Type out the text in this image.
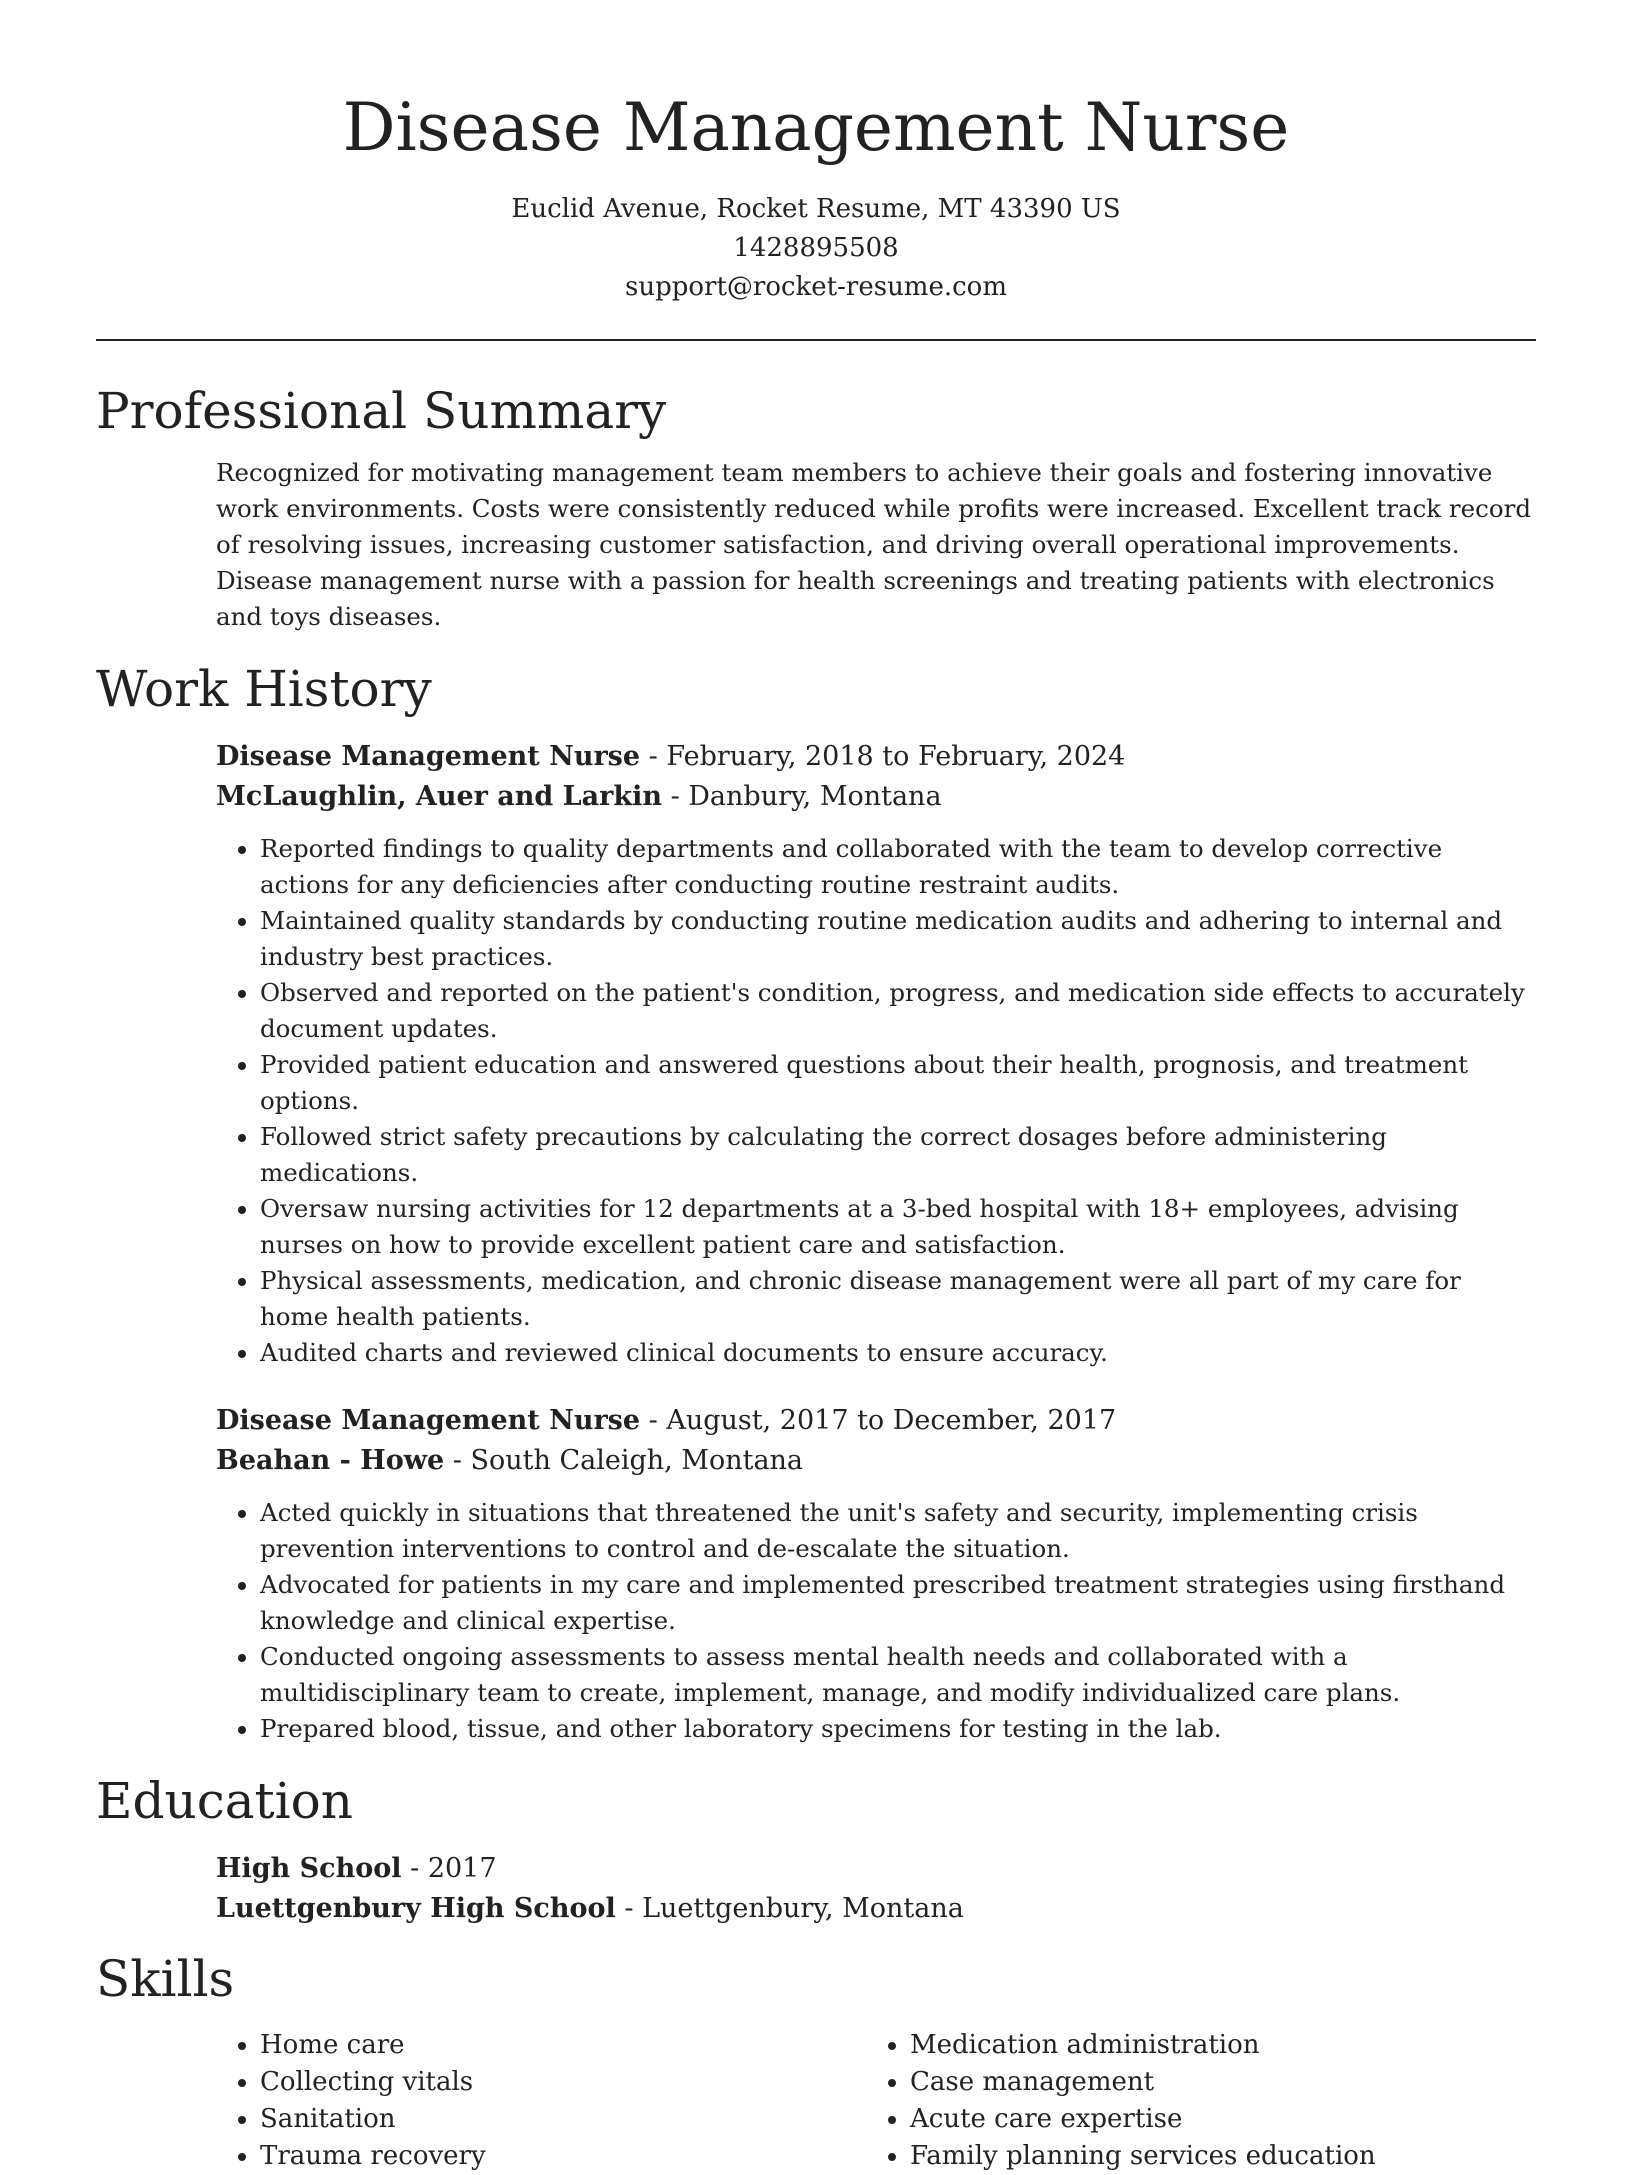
Disease Management Nurse
Euclid Avenue, Rocket Resume, MT 43390 US
1428895508
support@rocket-resume.com
Professional Summary
Recognized for motivating management team members to achieve their goals and fostering innovative work environments. Costs were consistently reduced while profits were increased. Excellent track record of resolving issues, increasing customer satisfaction, and driving overall operational improvements. Disease management nurse with a passion for health screenings and treating patients with electronics and toys diseases.
Work History
Disease Management Nurse - February, 2018 to February, 2024
McLaughlin, Auer and Larkin - Danbury, Montana
• Reported findings to quality departments and collaborated with the team to develop corrective actions for any deficiencies after conducting routine restraint audits.
• Maintained quality standards by conducting routine medication audits and adhering to internal and industry best practices.
• Observed and reported on the patient's condition, progress, and medication side effects to accurately document updates.
• Provided patient education and answered questions about their health, prognosis, and treatment options.
• Followed strict safety precautions by calculating the correct dosages before administering medications.
• Oversaw nursing activities for 12 departments at a 3-bed hospital with 18+ employees, advising nurses on how to provide excellent patient care and satisfaction.
• Physical assessments, medication, and chronic disease management were all part of my care for home health patients.
• Audited charts and reviewed clinical documents to ensure accuracy.
Disease Management Nurse - August, 2017 to December, 2017
Beahan - Howe - South Caleigh, Montana
• Acted quickly in situations that threatened the unit's safety and security, implementing crisis prevention interventions to control and de-escalate the situation.
• Advocated for patients in my care and implemented prescribed treatment strategies using firsthand knowledge and clinical expertise.
• Conducted ongoing assessments to assess mental health needs and collaborated with a multidisciplinary team to create, implement, manage, and modify individualized care plans.
• Prepared blood, tissue, and other laboratory specimens for testing in the lab.
Education
High School - 2017
Luettgenbury High School - Luettgenbury, Montana
Skills
• Home care
• Collecting vitals
• Sanitation
• Trauma recovery
• Medication administration
• Case management
• Acute care expertise
• Family planning services education
